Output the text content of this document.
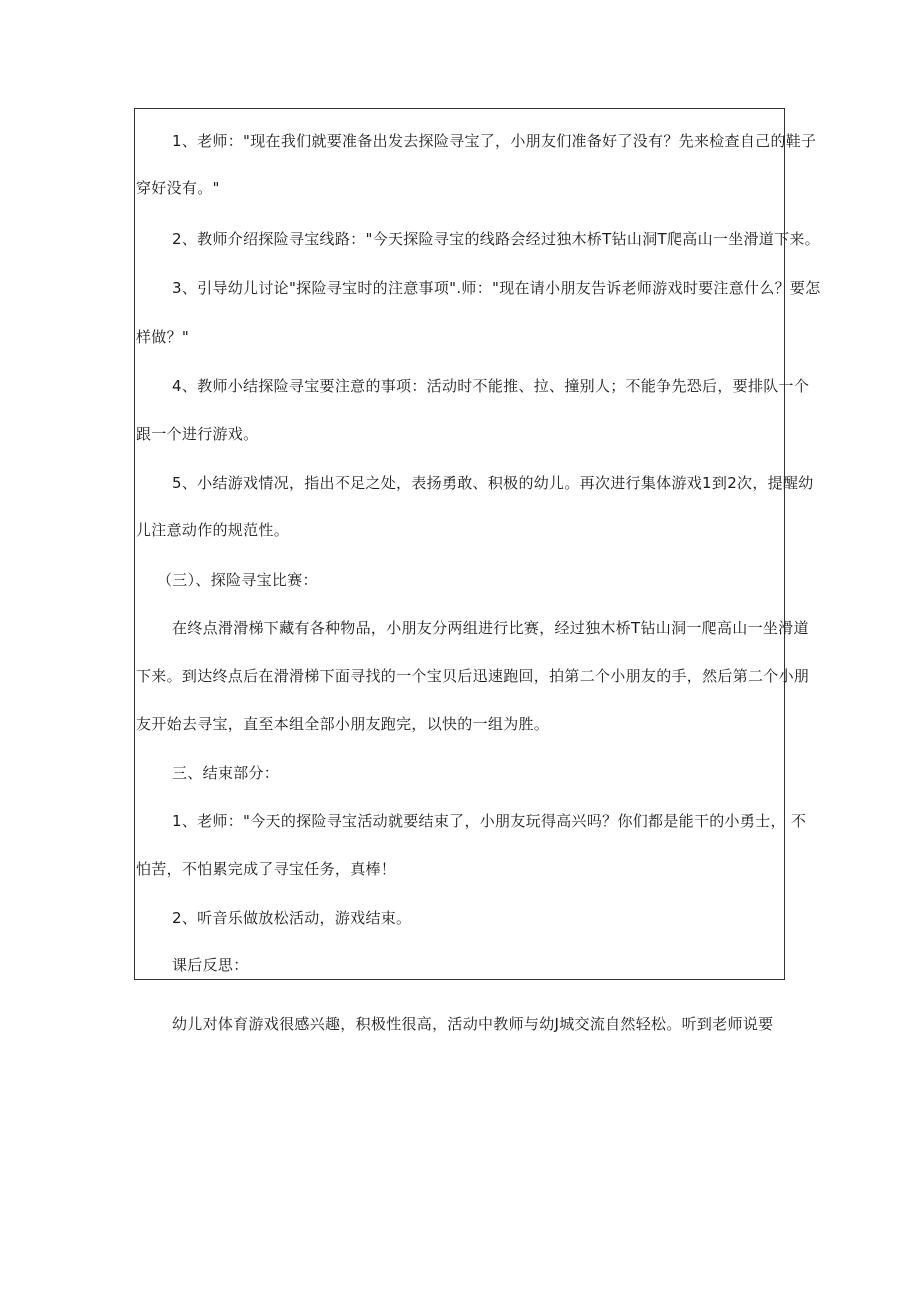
1、老师："现在我们就要准备出发去探险寻宝了，小朋友们准备好了没有？先来检查自己的鞋子
穿好没有。"
2、教师介绍探险寻宝线路："今天探险寻宝的线路会经过独木桥T钻山洞T爬高山一坐滑道下来。
3、引导幼儿讨论"探险寻宝时的注意事项".师："现在请小朋友告诉老师游戏时要注意什么？要怎
样做？"
4、教师小结探险寻宝要注意的事项：活动时不能推、拉、撞别人；不能争先恐后，要排队一个
跟一个进行游戏。
5、小结游戏情况，指出不足之处，表扬勇敢、积极的幼儿。再次进行集体游戏1到2次，提醒幼
儿注意动作的规范性。
（三）、探险寻宝比赛：
在终点滑滑梯下藏有各种物品，小朋友分两组进行比赛，经过独木桥T钻山洞一爬高山一坐滑道
下来。到达终点后在滑滑梯下面寻找的一个宝贝后迅速跑回，拍第二个小朋友的手，然后第二个小朋
友开始去寻宝，直至本组全部小朋友跑完，以快的一组为胜。
三、结束部分：
1、老师："今天的探险寻宝活动就要结束了，小朋友玩得高兴吗？你们都是能干的小勇士， 不
怕苦，不怕累完成了寻宝任务，真棒！
2、听音乐做放松活动，游戏结束。
课后反思：
幼儿对体育游戏很感兴趣，积极性很高，活动中教师与幼J城交流自然轻松。听到老师说要
